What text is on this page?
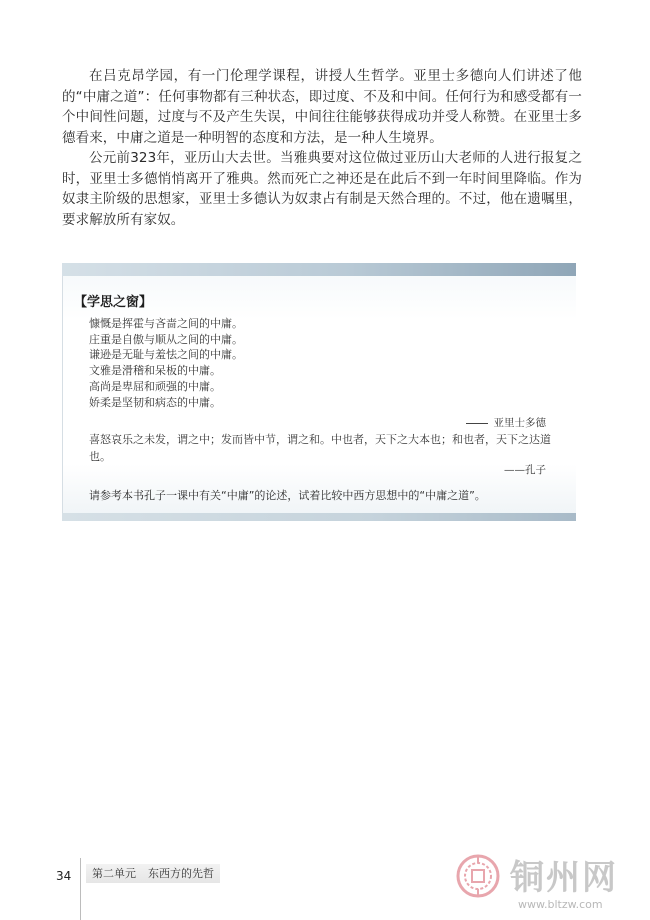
在吕克昂学园，有一门伦理学课程，讲授人生哲学。亚里士多德向人们讲述了他的“中庸之道”：任何事物都有三种状态，即过度、不及和中间。任何行为和感受都有一个中间性问题，过度与不及产生失误，中间往往能够获得成功并受人称赞。在亚里士多德看来，中庸之道是一种明智的态度和方法，是一种人生境界。

公元前323年，亚历山大去世。当雅典要对这位做过亚历山大老师的人进行报复之时，亚里士多德悄悄离开了雅典。然而死亡之神还是在此后不到一年时间里降临。作为奴隶主阶级的思想家，亚里士多德认为奴隶占有制是天然合理的。不过，他在遗嘱里，要求解放所有家奴。

【学思之窗】
慷慨是挥霍与吝啬之间的中庸。
庄重是自傲与顺从之间的中庸。
谦逊是无耻与羞怯之间的中庸。
文雅是滑稽和呆板的中庸。
高尚是卑屈和顽强的中庸。
娇柔是坚韧和病态的中庸。
亚里士多德
——孔子
喜怒哀乐之未发，谓之中；发而皆中节，谓之和。中也者，天下之大本也；和也者，天下之达道也。
请参考本书孔子一课中有关“中庸”的论述，试着比较中西方思想中的“中庸之道”。
34	第二单元 东西方的先哲	铜州网
www.bltzw.com
